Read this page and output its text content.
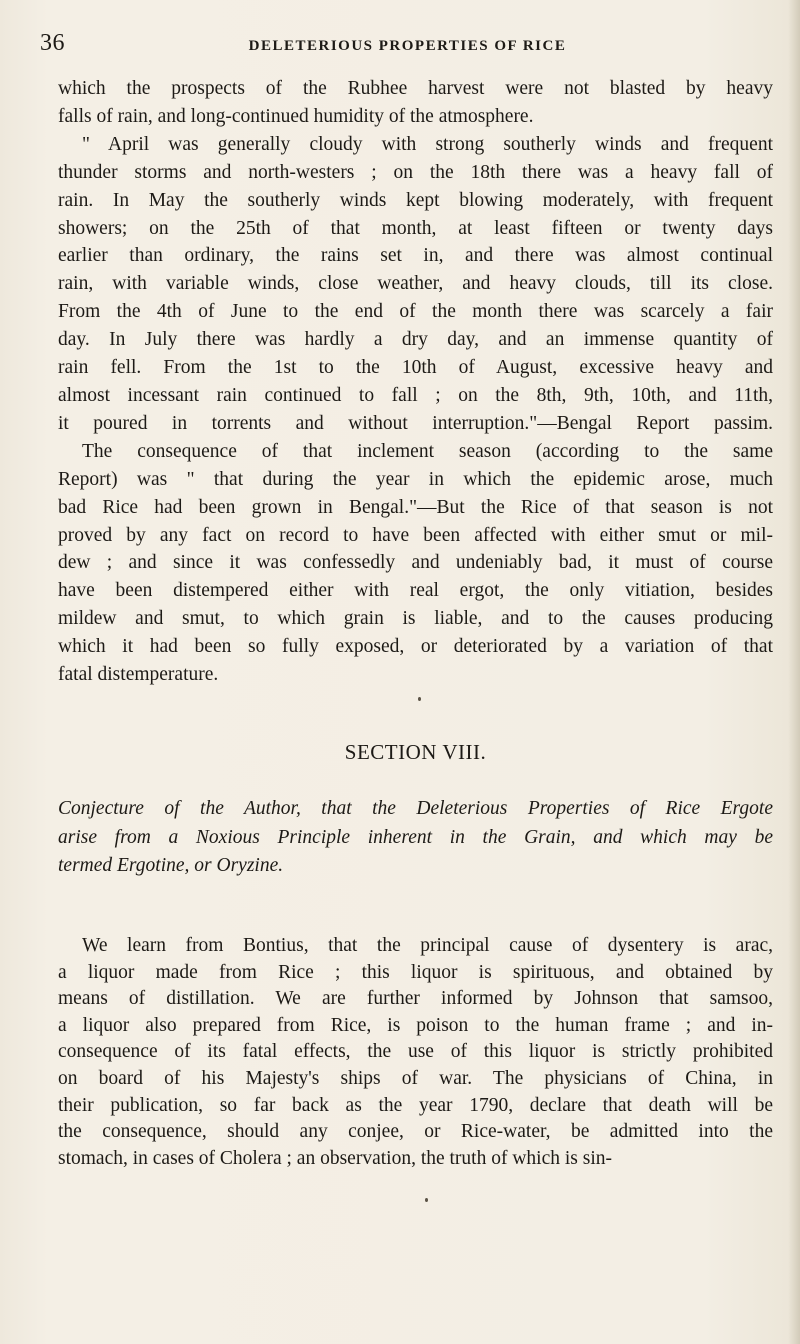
36	DELETERIOUS PROPERTIES OF RICE
which the prospects of the Rubhee harvest were not blasted by heavy
falls of rain, and long-continued humidity of the atmosphere.
" April was generally cloudy with strong southerly winds and frequent
thunder storms and north-westers ; on the 18th there was a heavy fall of
rain. In May the southerly winds kept blowing moderately, with frequent
showers; on the 25th of that month, at least fifteen or twenty days
earlier than ordinary, the rains set in, and there was almost continual
rain, with variable winds, close weather, and heavy clouds, till its close.
From the 4th of June to the end of the month there was scarcely a fair
day. In July there was hardly a dry day, and an immense quantity of
rain fell. From the 1st to the 10th of August, excessive heavy and
almost incessant rain continued to fall ; on the 8th, 9th, 10th, and 11th,
it poured in torrents and without interruption."—Bengal Report passim.
The consequence of that inclement season (according to the same
Report) was " that during the year in which the epidemic arose, much
bad Rice had been grown in Bengal."—But the Rice of that season is not
proved by any fact on record to have been affected with either smut or mil-
dew ; and since it was confessedly and undeniably bad, it must of course
have been distempered either with real ergot, the only vitiation, besides
mildew and smut, to which grain is liable, and to the causes producing
which it had been so fully exposed, or deteriorated by a variation of that
fatal distemperature.
SECTION VIII.
Conjecture of the Author, that the Deleterious Properties of Rice Ergote
arise from a Noxious Principle inherent in the Grain, and which may be
termed Ergotine, or Oryzine.
We learn from Bontius, that the principal cause of dysentery is arac,
a liquor made from Rice ; this liquor is spirituous, and obtained by
means of distillation. We are further informed by Johnson that samsoo,
a liquor also prepared from Rice, is poison to the human frame ; and in-
consequence of its fatal effects, the use of this liquor is strictly prohibited
on board of his Majesty's ships of war. The physicians of China, in
their publication, so far back as the year 1790, declare that death will be
the consequence, should any conjee, or Rice-water, be admitted into the
stomach, in cases of Cholera ; an observation, the truth of which is sin-
